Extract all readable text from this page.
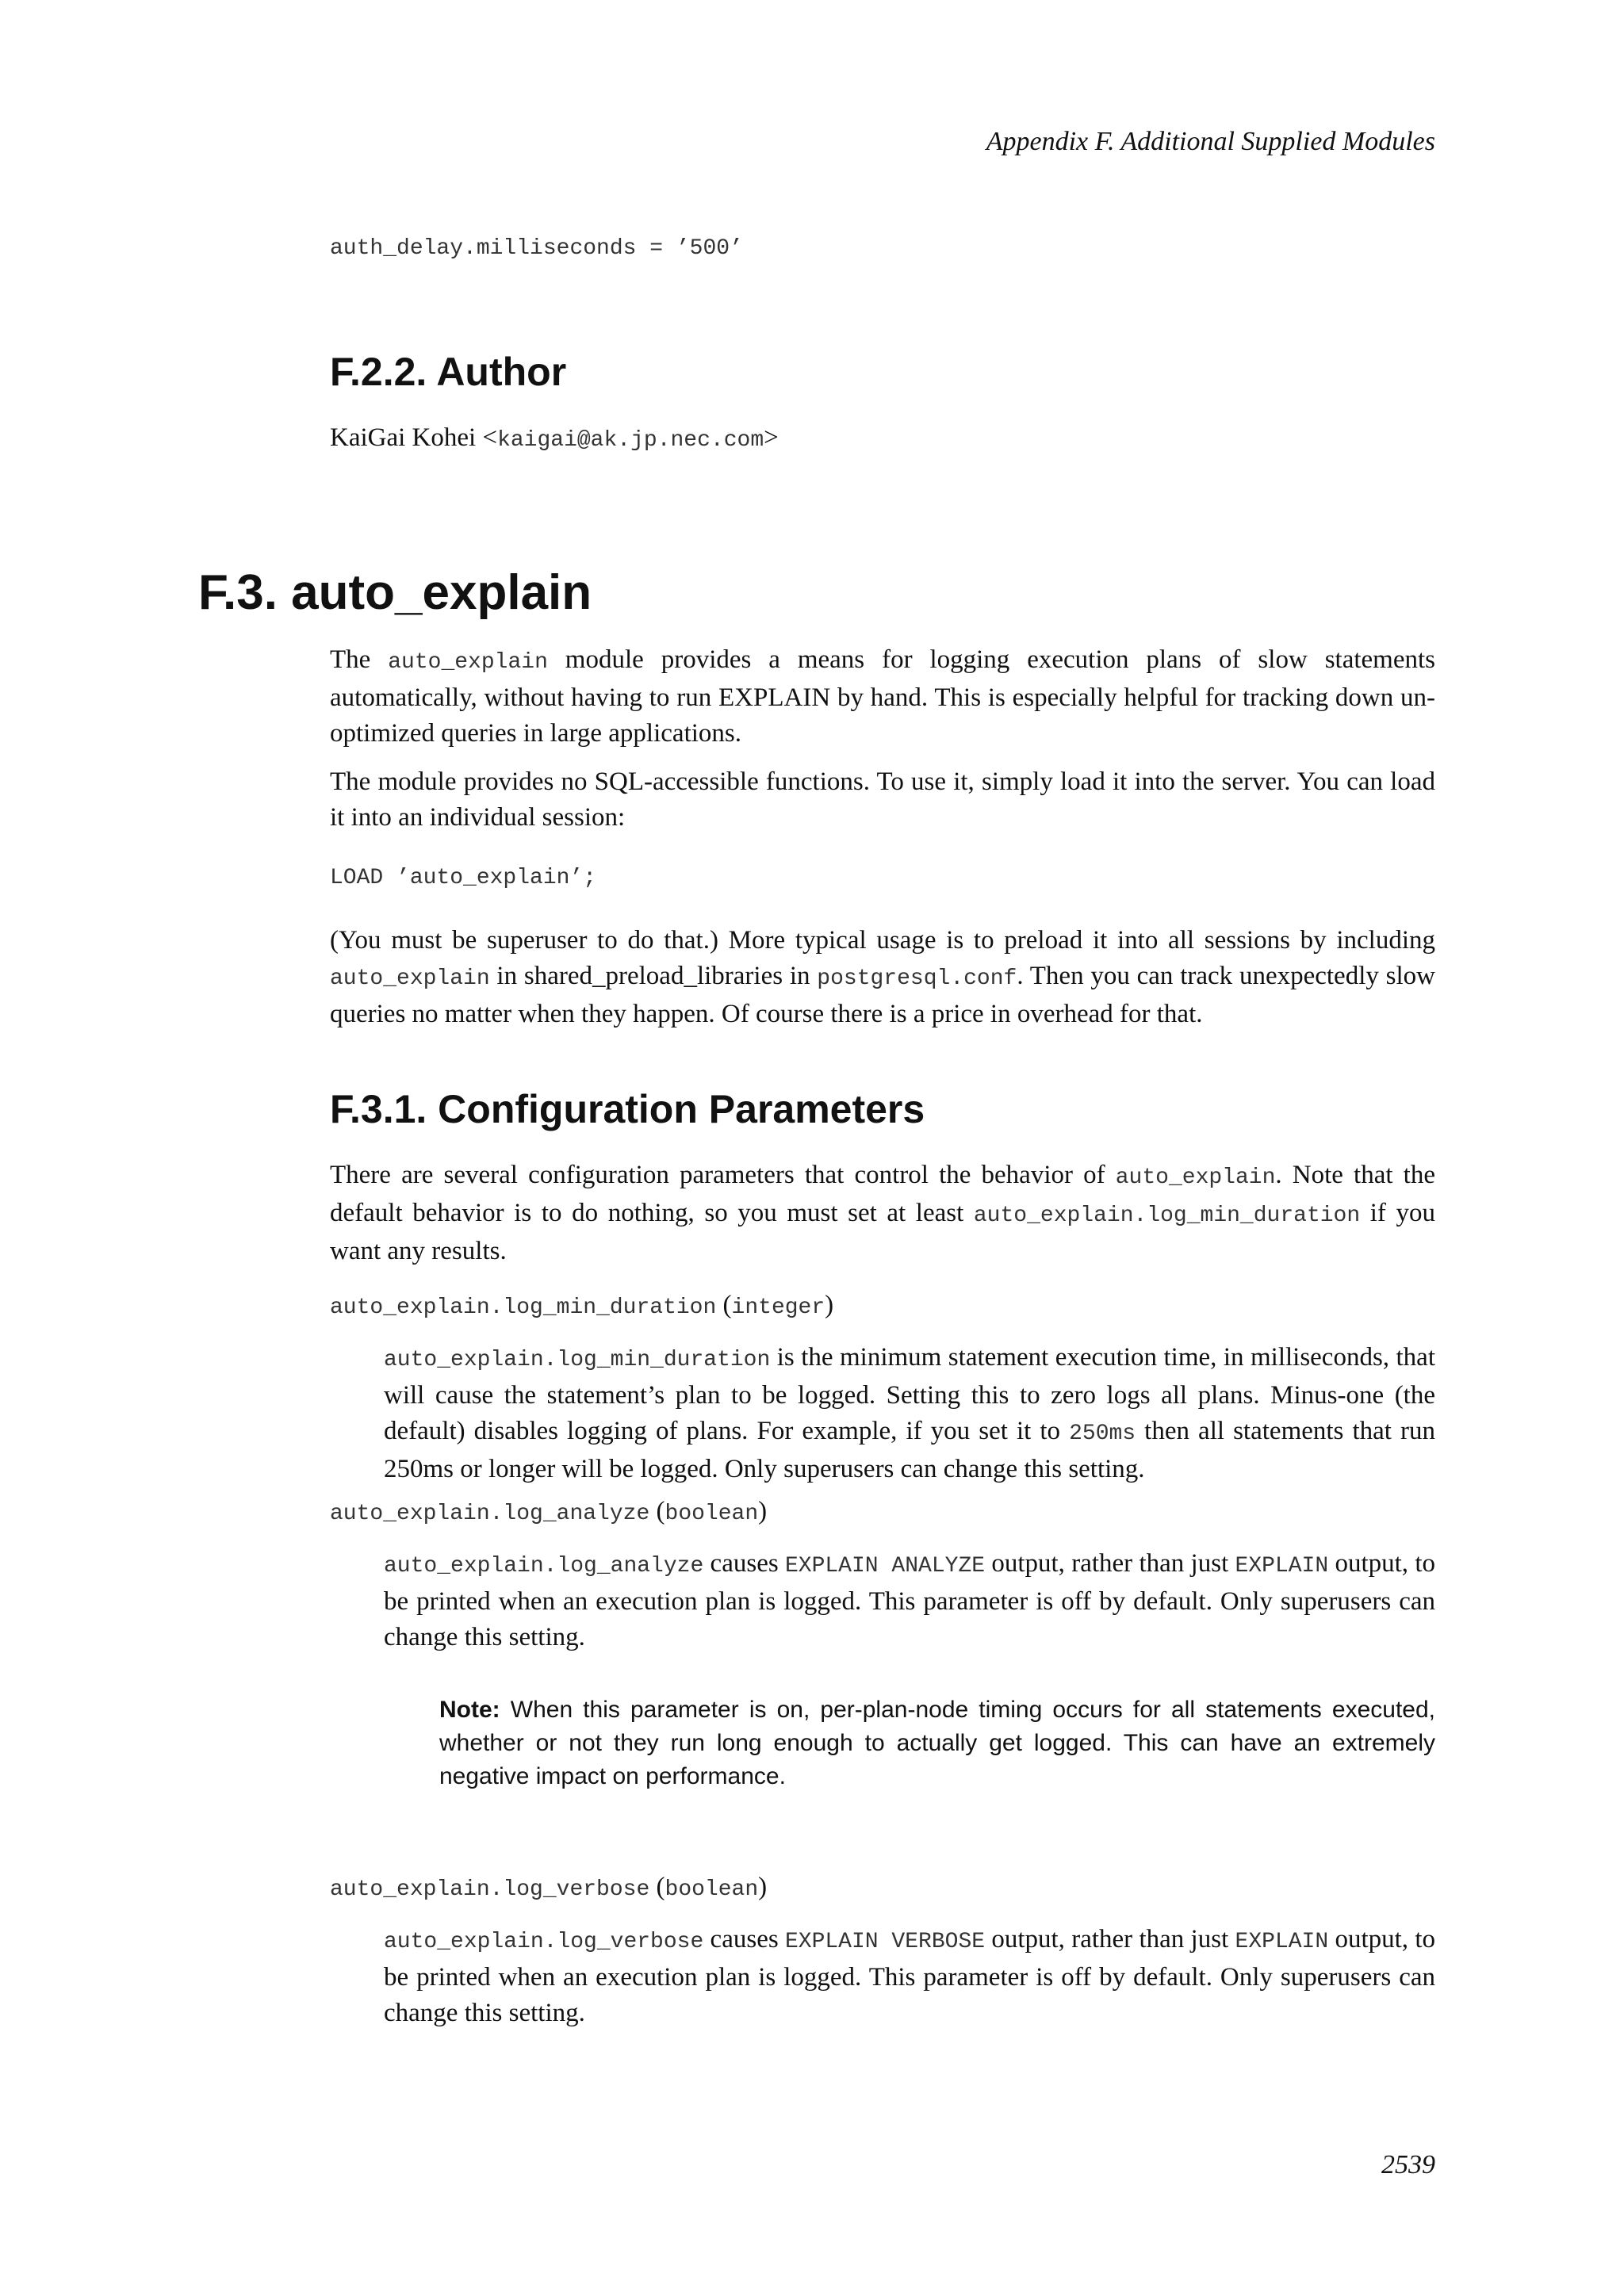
Appendix F. Additional Supplied Modules
auth_delay.milliseconds = ’500’
F.2.2. Author

KaiGai Kohei <kaigai@ak.jp.nec.com>

F.3. auto_explain

The auto_explain module provides a means for logging execution plans of slow statements automatically, without having to run EXPLAIN by hand. This is especially helpful for tracking down un-optimized queries in large applications.

The module provides no SQL-accessible functions. To use it, simply load it into the server. You can load it into an individual session:

LOAD ’auto_explain’;

(You must be superuser to do that.) More typical usage is to preload it into all sessions by including auto_explain in shared_preload_libraries in postgresql.conf. Then you can track unexpectedly slow queries no matter when they happen. Of course there is a price in overhead for that.

F.3.1. Configuration Parameters

There are several configuration parameters that control the behavior of auto_explain. Note that the default behavior is to do nothing, so you must set at least auto_explain.log_min_duration if you want any results.

auto_explain.log_min_duration (integer)

auto_explain.log_min_duration is the minimum statement execution time, in milliseconds, that will cause the statement’s plan to be logged. Setting this to zero logs all plans. Minus-one (the default) disables logging of plans. For example, if you set it to 250ms then all statements that run 250ms or longer will be logged. Only superusers can change this setting.

auto_explain.log_analyze (boolean)

auto_explain.log_analyze causes EXPLAIN ANALYZE output, rather than just EXPLAIN output, to be printed when an execution plan is logged. This parameter is off by default. Only superusers can change this setting.

Note: When this parameter is on, per-plan-node timing occurs for all statements executed, whether or not they run long enough to actually get logged. This can have an extremely negative impact on performance.

auto_explain.log_verbose (boolean)

auto_explain.log_verbose causes EXPLAIN VERBOSE output, rather than just EXPLAIN output, to be printed when an execution plan is logged. This parameter is off by default. Only superusers can change this setting.

2539
